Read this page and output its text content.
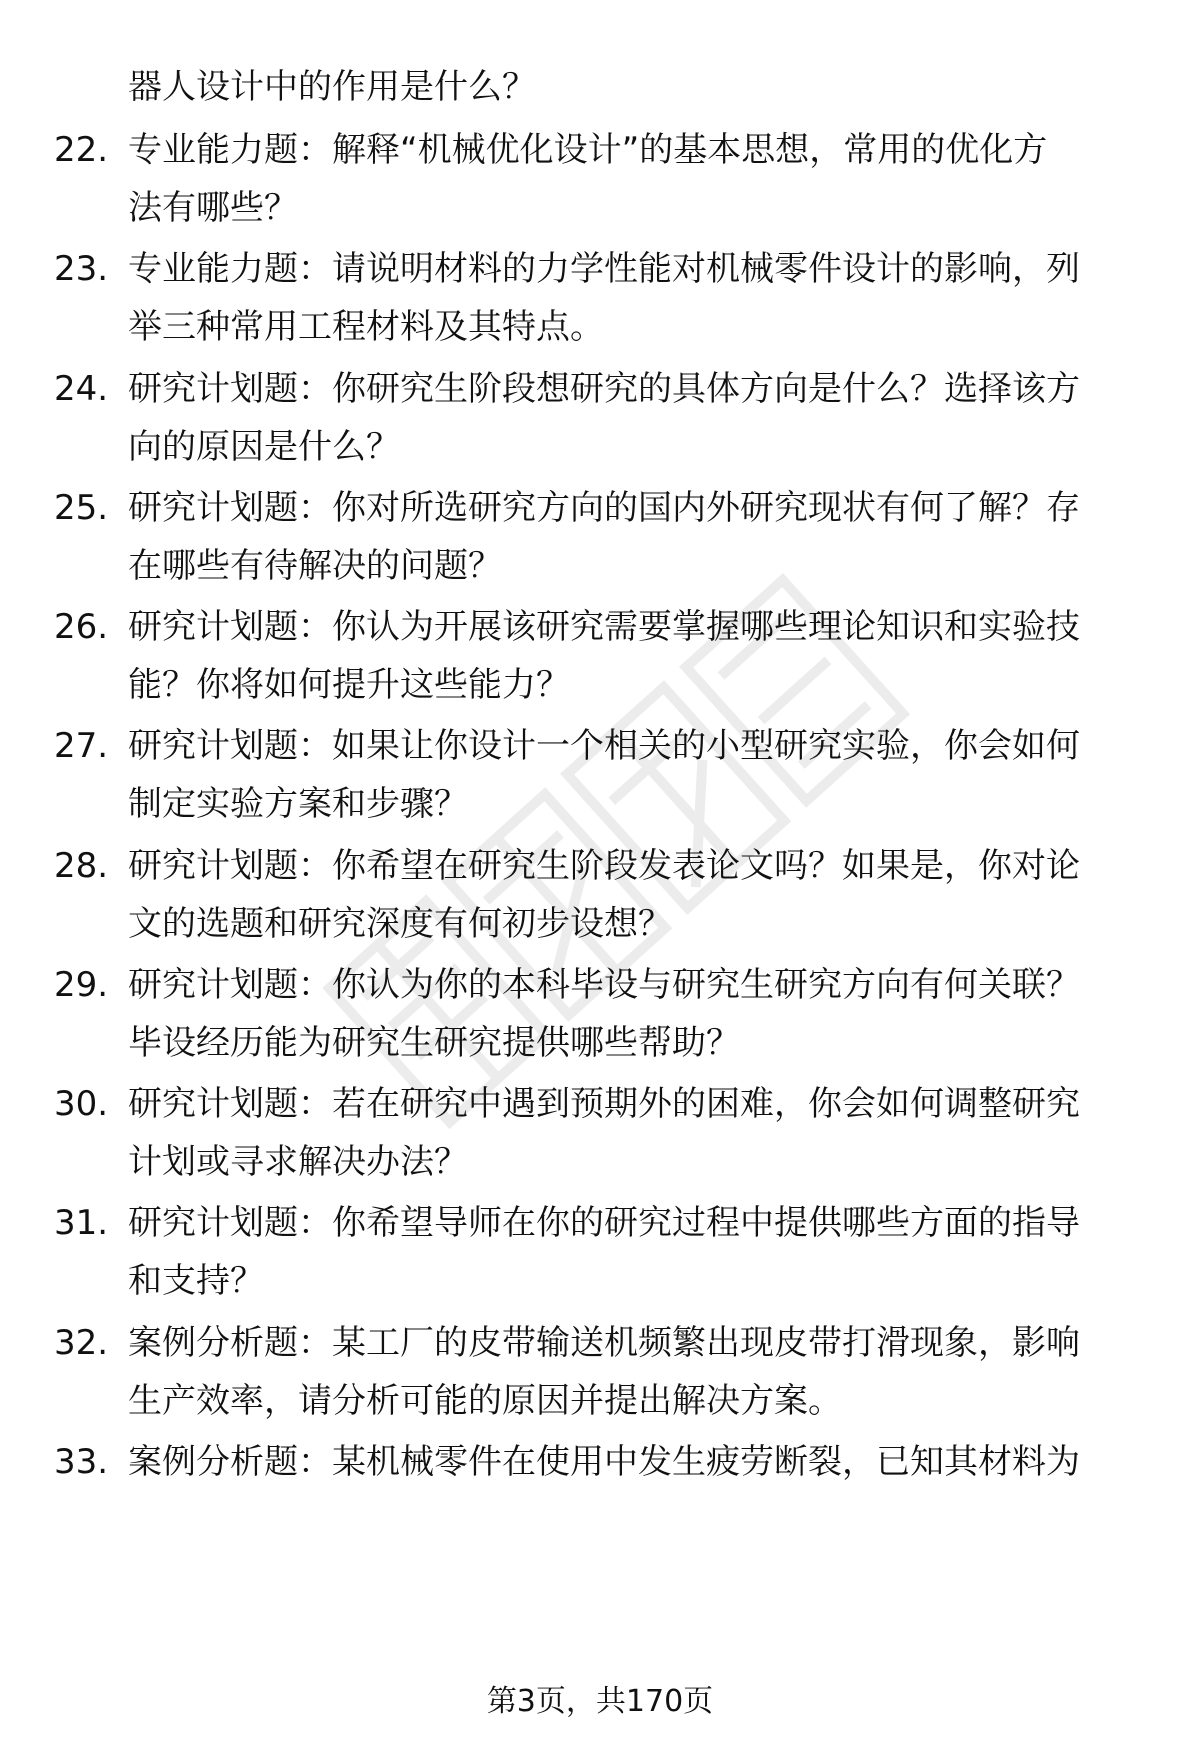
器人设计中的作用是什么？
22. 专业能力题：解释“机械优化设计”的基本思想，常用的优化方
法有哪些？
23. 专业能力题：请说明材料的力学性能对机械零件设计的影响，列
举三种常用工程材料及其特点。
24. 研究计划题：你研究生阶段想研究的具体方向是什么？选择该方
向的原因是什么？
25. 研究计划题：你对所选研究方向的国内外研究现状有何了解？存
在哪些有待解决的问题？
26. 研究计划题：你认为开展该研究需要掌握哪些理论知识和实验技
能？你将如何提升这些能力？
27. 研究计划题：如果让你设计一个相关的小型研究实验，你会如何
制定实验方案和步骤？
28. 研究计划题：你希望在研究生阶段发表论文吗？如果是，你对论
文的选题和研究深度有何初步设想？
29. 研究计划题：你认为你的本科毕设与研究生研究方向有何关联？
毕设经历能为研究生研究提供哪些帮助？
30. 研究计划题：若在研究中遇到预期外的困难，你会如何调整研究
计划或寻求解决办法？
31. 研究计划题：你希望导师在你的研究过程中提供哪些方面的指导
和支持？
32. 案例分析题：某工厂的皮带输送机频繁出现皮带打滑现象，影响
生产效率，请分析可能的原因并提出解决方案。
33. 案例分析题：某机械零件在使用中发生疲劳断裂，已知其材料为
第3页，共170页
